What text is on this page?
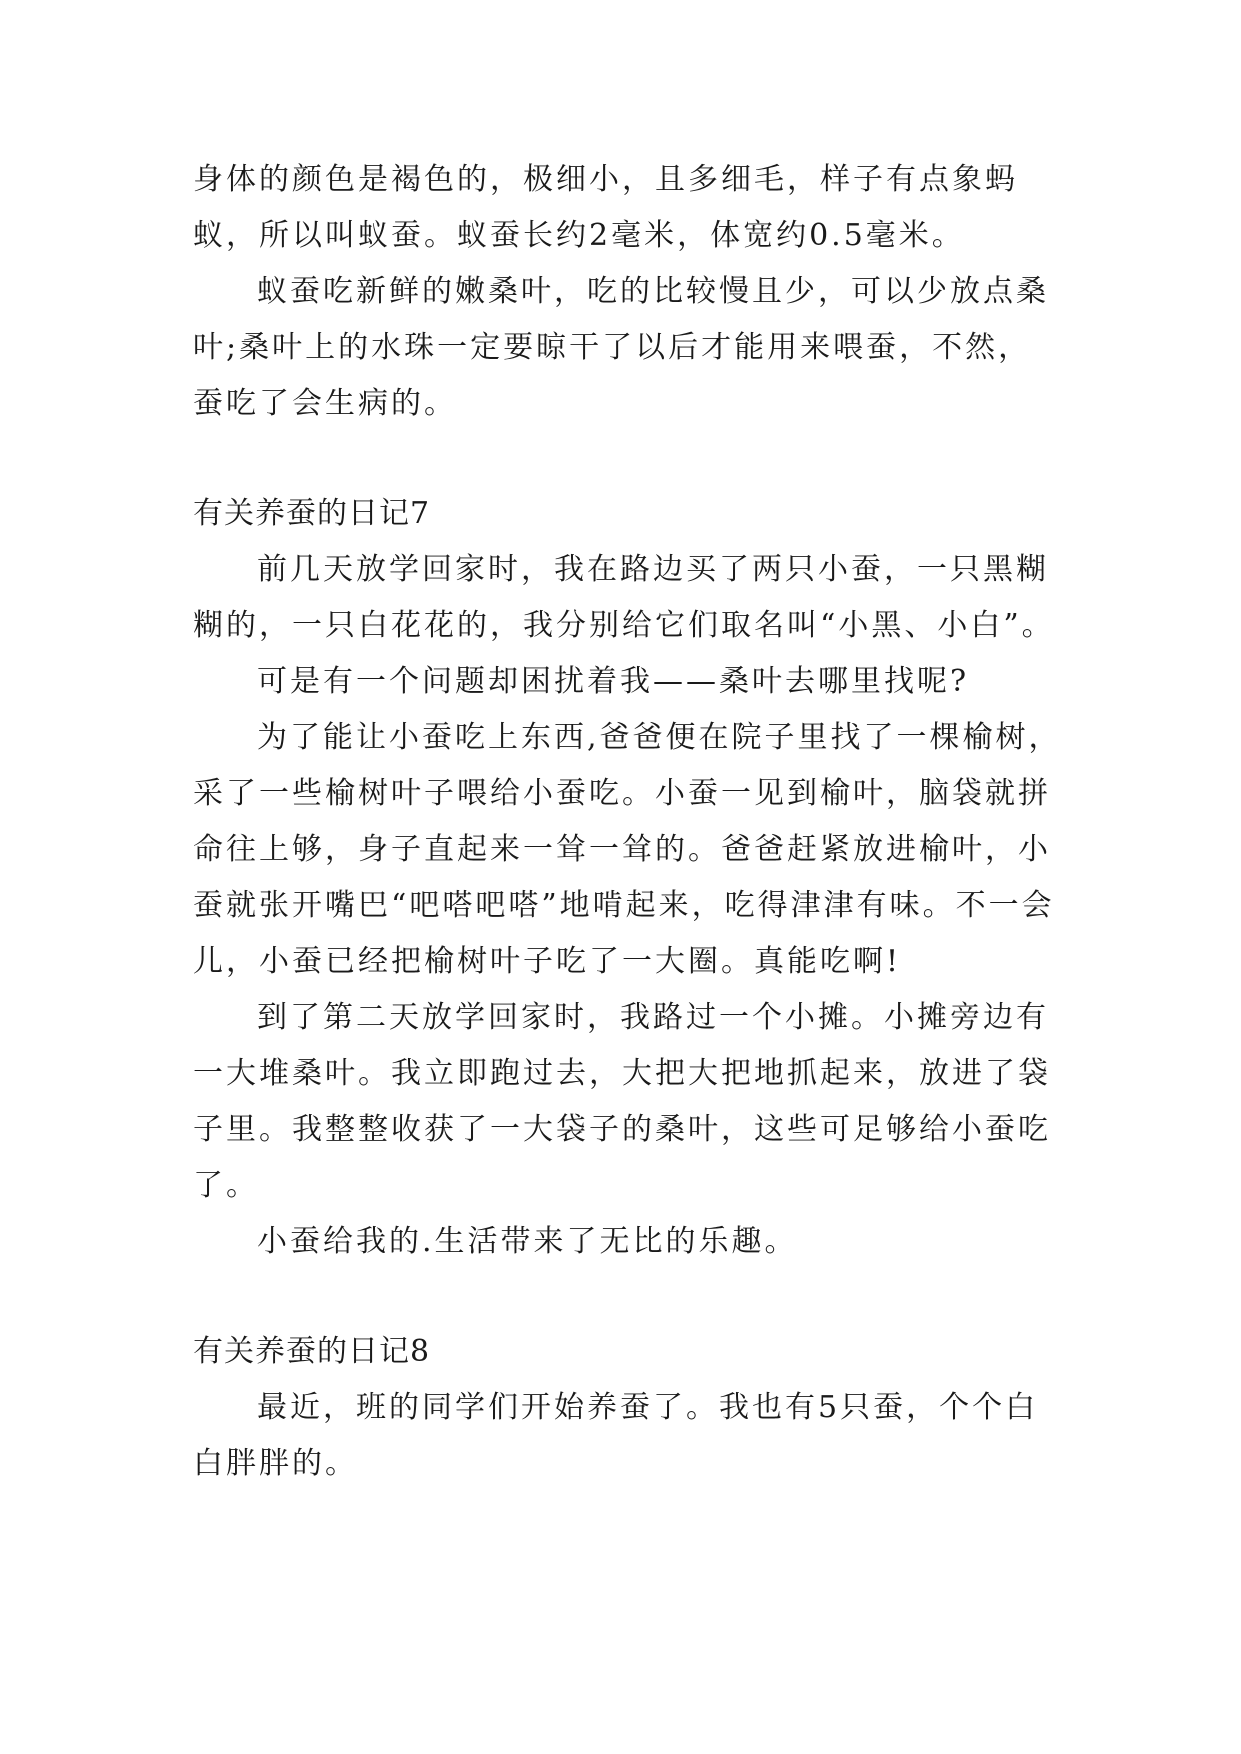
身体的颜色是褐色的，极细小，且多细毛，样子有点象蚂蚁，所以叫蚁蚕。蚁蚕长约2毫米，体宽约0.5毫米。

蚁蚕吃新鲜的嫩桑叶，吃的比较慢且少，可以少放点桑叶;桑叶上的水珠一定要晾干了以后才能用来喂蚕，不然，蚕吃了会生病的。

有关养蚕的日记7

前几天放学回家时，我在路边买了两只小蚕，一只黑糊糊的，一只白花花的，我分别给它们取名叫“小黑、小白”。

可是有一个问题却困扰着我——桑叶去哪里找呢?

为了能让小蚕吃上东西,爸爸便在院子里找了一棵榆树，采了一些榆树叶子喂给小蚕吃。小蚕一见到榆叶，脑袋就拼命往上够，身子直起来一耸一耸的。爸爸赶紧放进榆叶，小蚕就张开嘴巴“吧嗒吧嗒”地啃起来，吃得津津有味。不一会儿，小蚕已经把榆树叶子吃了一大圈。真能吃啊!

到了第二天放学回家时，我路过一个小摊。小摊旁边有一大堆桑叶。我立即跑过去，大把大把地抓起来，放进了袋子里。我整整收获了一大袋子的桑叶，这些可足够给小蚕吃了。

小蚕给我的.生活带来了无比的乐趣。

有关养蚕的日记8

最近，班的同学们开始养蚕了。我也有5只蚕，个个白白胖胖的。
